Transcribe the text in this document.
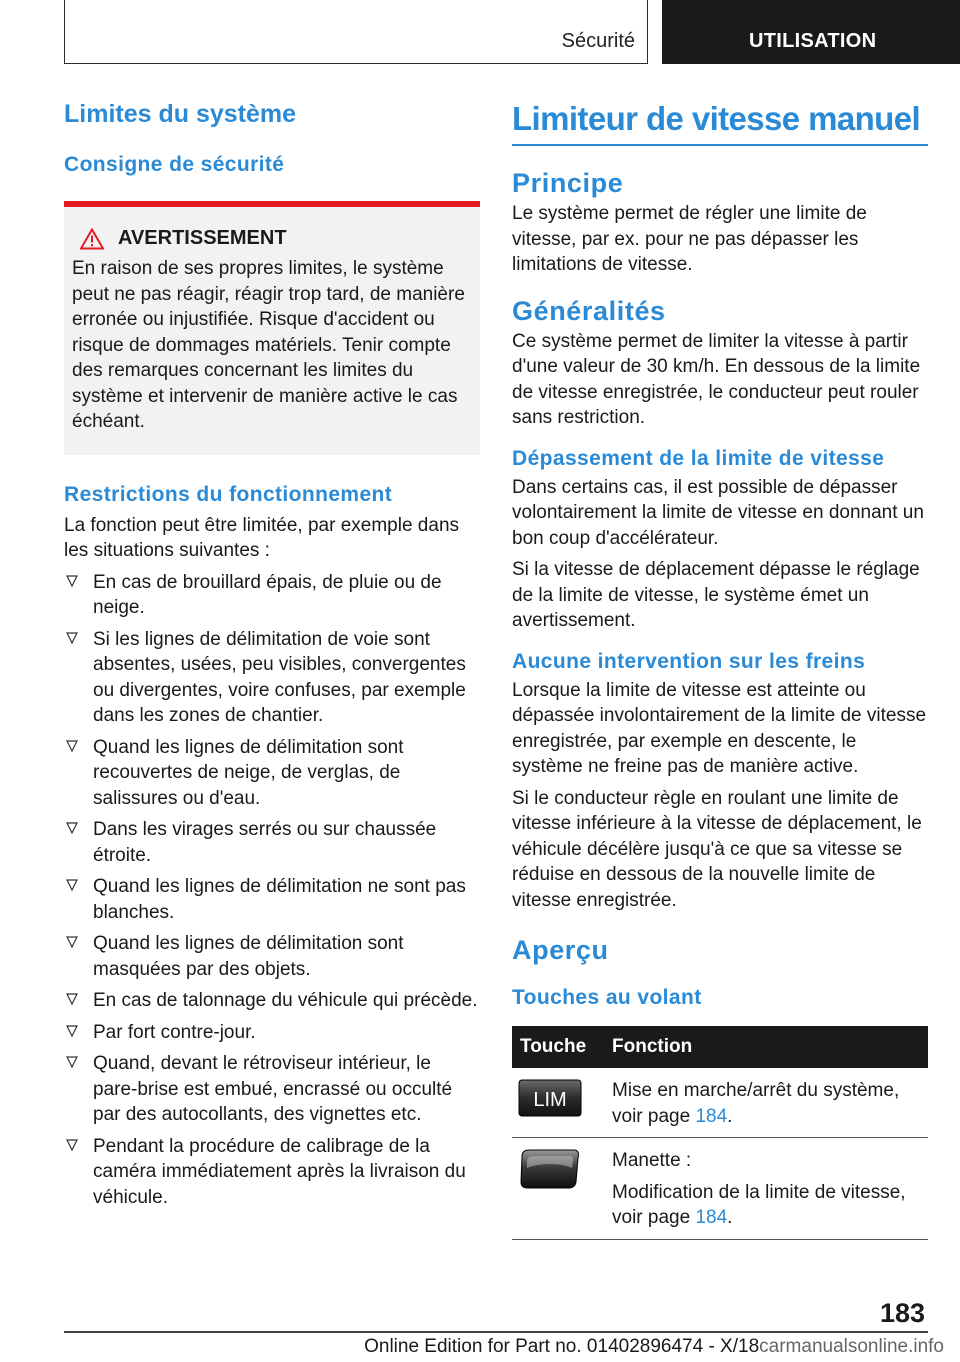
Sécurité	UTILISATION
Limites du système
Consigne de sécurité
AVERTISSEMENT

En raison de ses propres limites, le système peut ne pas réagir, réagir trop tard, de manière erronée ou injustifiée. Risque d'accident ou risque de dommages matériels. Tenir compte des remarques concernant les limites du système et intervenir de manière active le cas échéant.

Restrictions du fonctionnement

La fonction peut être limitée, par exemple dans les situations suivantes :

En cas de brouillard épais, de pluie ou de neige.
Si les lignes de délimitation de voie sont absentes, usées, peu visibles, convergentes ou divergentes, voire confuses, par exemple dans les zones de chantier.
Quand les lignes de délimitation sont recouvertes de neige, de verglas, de salissures ou d'eau.
Dans les virages serrés ou sur chaussée étroite.
Quand les lignes de délimitation ne sont pas blanches.
Quand les lignes de délimitation sont masquées par des objets.
En cas de talonnage du véhicule qui précède.
Par fort contre-jour.
Quand, devant le rétroviseur intérieur, le pare-brise est embué, encrassé ou occulté par des autocollants, des vignettes etc.
Pendant la procédure de calibrage de la caméra immédiatement après la livraison du véhicule.
Limiteur de vitesse manuel
Principe

Le système permet de régler une limite de vitesse, par ex. pour ne pas dépasser les limitations de vitesse.

Généralités

Ce système permet de limiter la vitesse à partir d'une valeur de 30 km/h. En dessous de la limite de vitesse enregistrée, le conducteur peut rouler sans restriction.

Dépassement de la limite de vitesse

Dans certains cas, il est possible de dépasser volontairement la limite de vitesse en donnant un bon coup d'accélérateur.

Si la vitesse de déplacement dépasse le réglage de la limite de vitesse, le système émet un avertissement.

Aucune intervention sur les freins

Lorsque la limite de vitesse est atteinte ou dépassée involontairement de la limite de vitesse enregistrée, par exemple en descente, le système ne freine pas de manière active.

Si le conducteur règle en roulant une limite de vitesse inférieure à la vitesse de déplacement, le véhicule décélère jusqu'à ce que sa vitesse se réduise en dessous de la nouvelle limite de vitesse enregistrée.

Aperçu
Touches au volant
Touche	Fonction

LIM	Mise en marche/arrêt du système, voir page 184.

Manette :
Modification de la limite de vitesse, voir page 184.
183
Online Edition for Part no. 01402896474 - X/18carmanualsonline.info
